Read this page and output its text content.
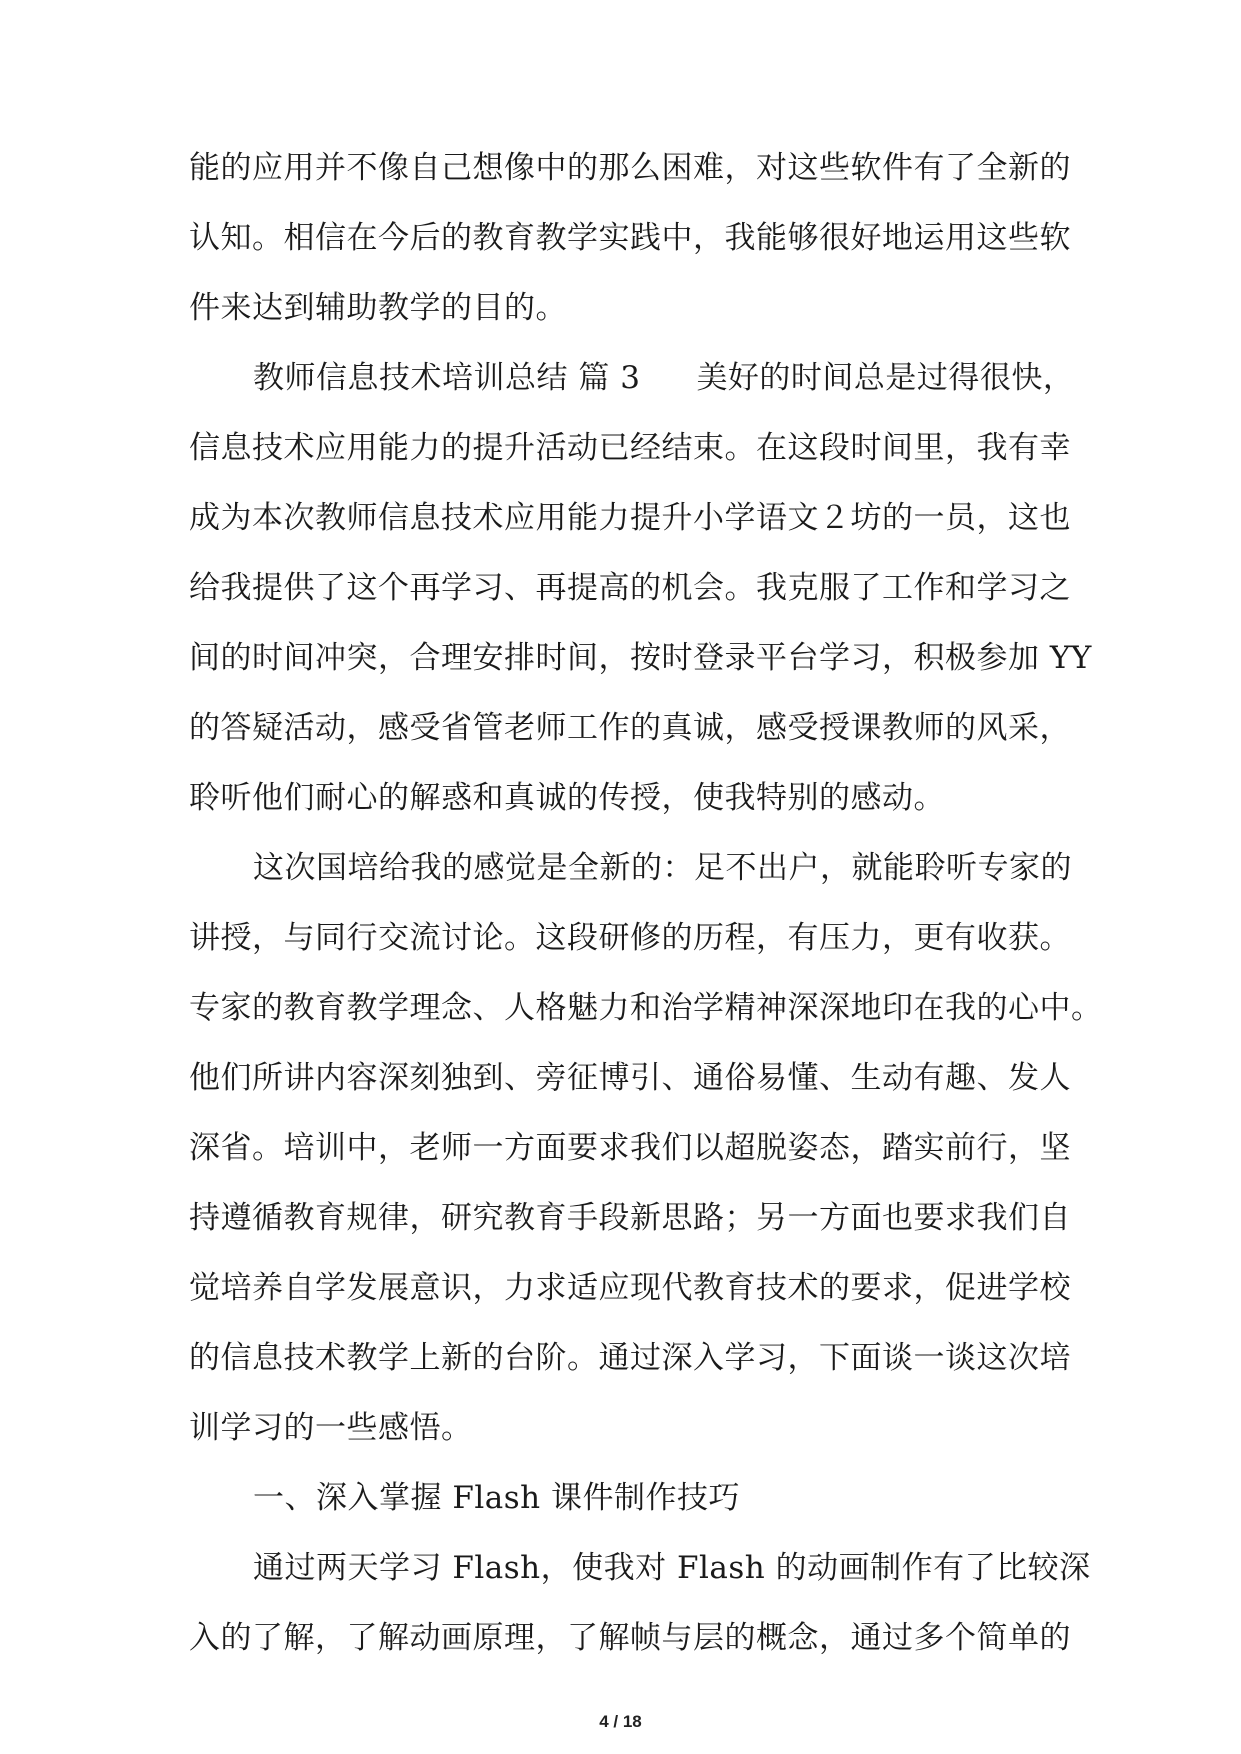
能的应用并不像自己想像中的那么困难，对这些软件有了全新的
认知。相信在今后的教育教学实践中，我能够很好地运用这些软
件来达到辅助教学的目的。
教师信息技术培训总结 篇 3 美好的时间总是过得很快，
信息技术应用能力的提升活动已经结束。在这段时间里，我有幸
成为本次教师信息技术应用能力提升小学语文２坊的一员，这也
给我提供了这个再学习、再提高的机会。我克服了工作和学习之
间的时间冲突，合理安排时间，按时登录平台学习，积极参加 YY
的答疑活动，感受省管老师工作的真诚，感受授课教师的风采，
聆听他们耐心的解惑和真诚的传授，使我特别的感动。
这次国培给我的感觉是全新的：足不出户，就能聆听专家的
讲授，与同行交流讨论。这段研修的历程，有压力，更有收获。
专家的教育教学理念、人格魅力和治学精神深深地印在我的心中。
他们所讲内容深刻独到、旁征博引、通俗易懂、生动有趣、发人
深省。培训中，老师一方面要求我们以超脱姿态，踏实前行，坚
持遵循教育规律，研究教育手段新思路；另一方面也要求我们自
觉培养自学发展意识，力求适应现代教育技术的要求，促进学校
的信息技术教学上新的台阶。通过深入学习，下面谈一谈这次培
训学习的一些感悟。
一、深入掌握 Flash 课件制作技巧
通过两天学习 Flash，使我对 Flash 的动画制作有了比较深
入的了解，了解动画原理，了解帧与层的概念，通过多个简单的
4 / 18
